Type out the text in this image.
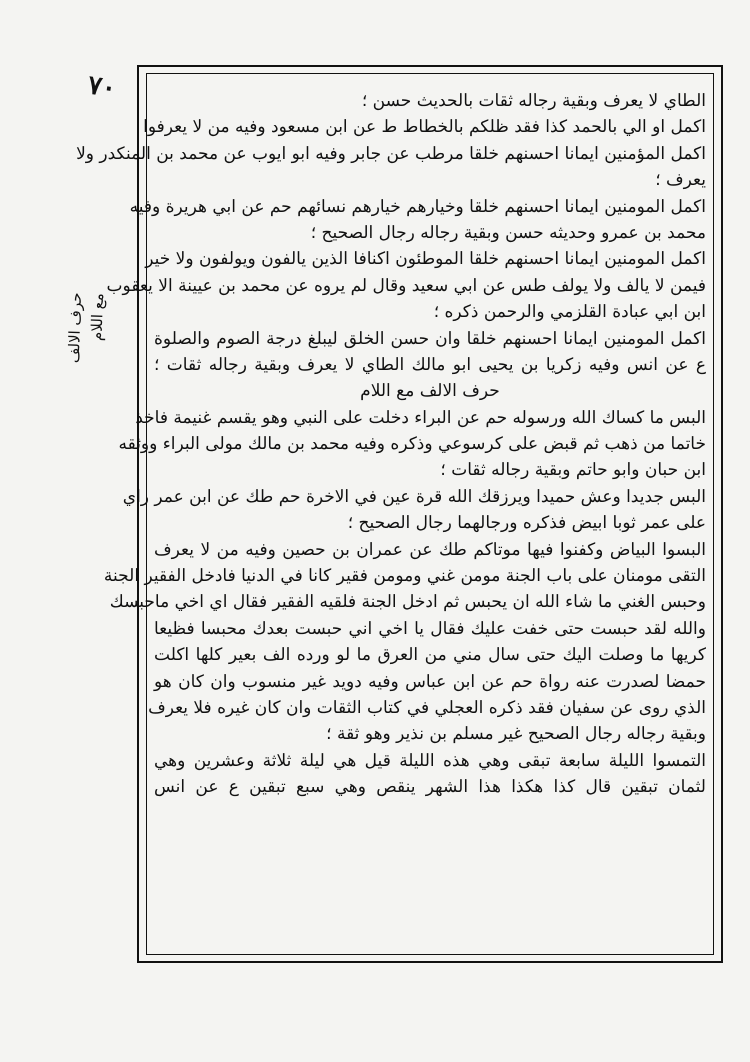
٧٠
حرف الالف مع اللام
الطاي لا يعرف وبقية رجاله ثقات بالحديث حسن ؛
اكمل او الي بالحمد كذا فقد ظلكم بالخطاط ط عن ابن مسعود وفيه من لا يعرفوا
اكمل المؤمنين ايمانا احسنهم خلقا مرطب عن جابر وفيه ابو ايوب عن محمد بن المنكدر ولا
يعرف ؛
اكمل المومنين ايمانا احسنهم خلقا وخيارهم خيارهم نسائهم حم عن ابي هريرة وفيه
محمد بن عمرو وحديثه حسن وبقية رجاله رجال الصحيح ؛
اكمل المومنين ايمانا احسنهم خلقا الموطئون اكنافا الذين يالفون ويولفون ولا خير
فيمن لا يالف ولا يولف طس عن ابي سعيد وقال لم يروه عن محمد بن عيينة الا يعقوب
ابن ابي عبادة القلزمي والرحمن ذكره ؛
اكمل المومنين ايمانا احسنهم خلقا وان حسن الخلق ليبلغ درجة الصوم والصلوة
ع عن انس وفيه زكريا بن يحيى ابو مالك الطاي لا يعرف وبقية رجاله ثقات ؛
حرف الالف مع اللام
البس ما كساك الله ورسوله حم عن البراء دخلت على النبي وهو يقسم غنيمة فاخذ
خاتما من ذهب ثم قبض على كرسوعي وذكره وفيه محمد بن مالك مولى البراء ووثقه
ابن حبان وابو حاتم وبقية رجاله ثقات ؛
البس جديدا وعش حميدا ويرزقك الله قرة عين في الاخرة حم طك عن ابن عمر راي
على عمر ثوبا ابيض فذكره ورجالهما رجال الصحيح ؛
البسوا البياض وكفنوا فيها موتاكم طك عن عمران بن حصين وفيه من لا يعرف
التقى مومنان على باب الجنة مومن غني ومومن فقير كانا في الدنيا فادخل الفقير الجنة
وحبس الغني ما شاء الله ان يحبس ثم ادخل الجنة فلقيه الفقير فقال اي اخي ماحبسك
والله لقد حبست حتى خفت عليك فقال يا اخي اني حبست بعدك محبسا فظيعا
كريها ما وصلت اليك حتى سال مني من العرق ما لو ورده الف بعير كلها اكلت
حمضا لصدرت عنه رواة حم عن ابن عباس وفيه دويد غير منسوب وان كان هو
الذي روى عن سفيان فقد ذكره العجلي في كتاب الثقات وان كان غيره فلا يعرف
وبقية رجاله رجال الصحيح غير مسلم بن نذير وهو ثقة ؛
التمسوا الليلة سابعة تبقى وهي هذه الليلة قيل هي ليلة ثلاثة وعشرين وهي
لثمان تبقين قال كذا هكذا هذا الشهر ينقص وهي سبع تبقين ع عن انس
